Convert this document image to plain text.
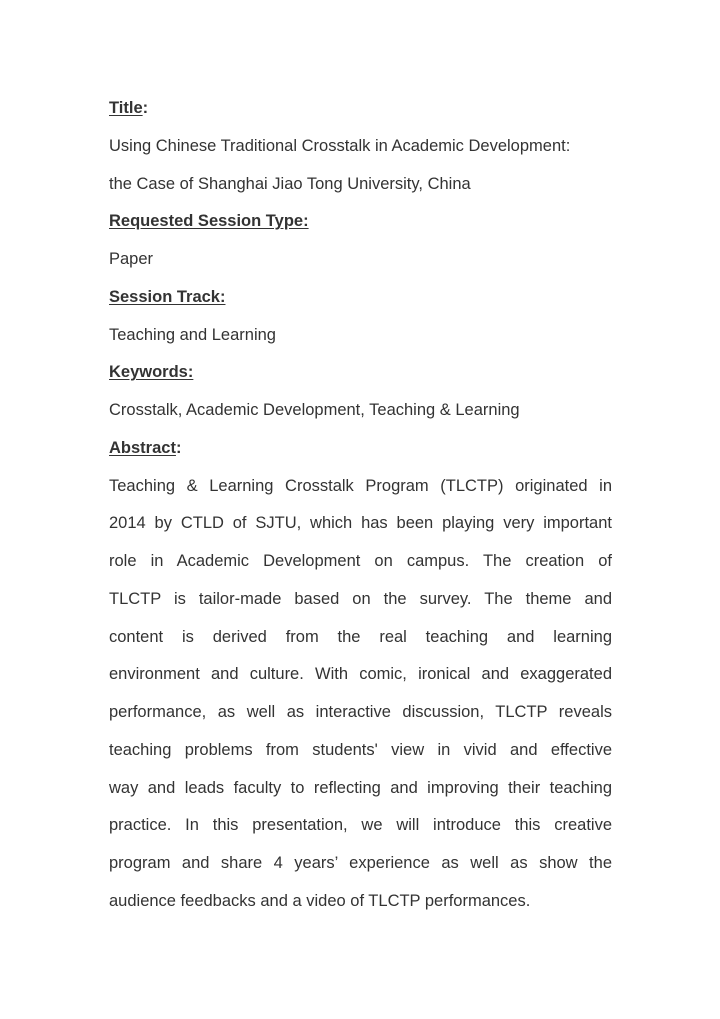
Title:
Using Chinese Traditional Crosstalk in Academic Development:
the Case of Shanghai Jiao Tong University, China
Requested Session Type:
Paper
Session Track:
Teaching and Learning
Keywords:
Crosstalk, Academic Development, Teaching & Learning
Abstract:
Teaching & Learning Crosstalk Program (TLCTP) originated in
2014 by CTLD of SJTU, which has been playing very important
role in Academic Development on campus. The creation of
TLCTP is tailor-made based on the survey. The theme and
content is derived from the real teaching and learning
environment and culture. With comic, ironical and exaggerated
performance, as well as interactive discussion, TLCTP reveals
teaching problems from students' view in vivid and effective
way and leads faculty to reflecting and improving their teaching
practice. In this presentation, we will introduce this creative
program and share 4 years’ experience as well as show the
audience feedbacks and a video of TLCTP performances.
